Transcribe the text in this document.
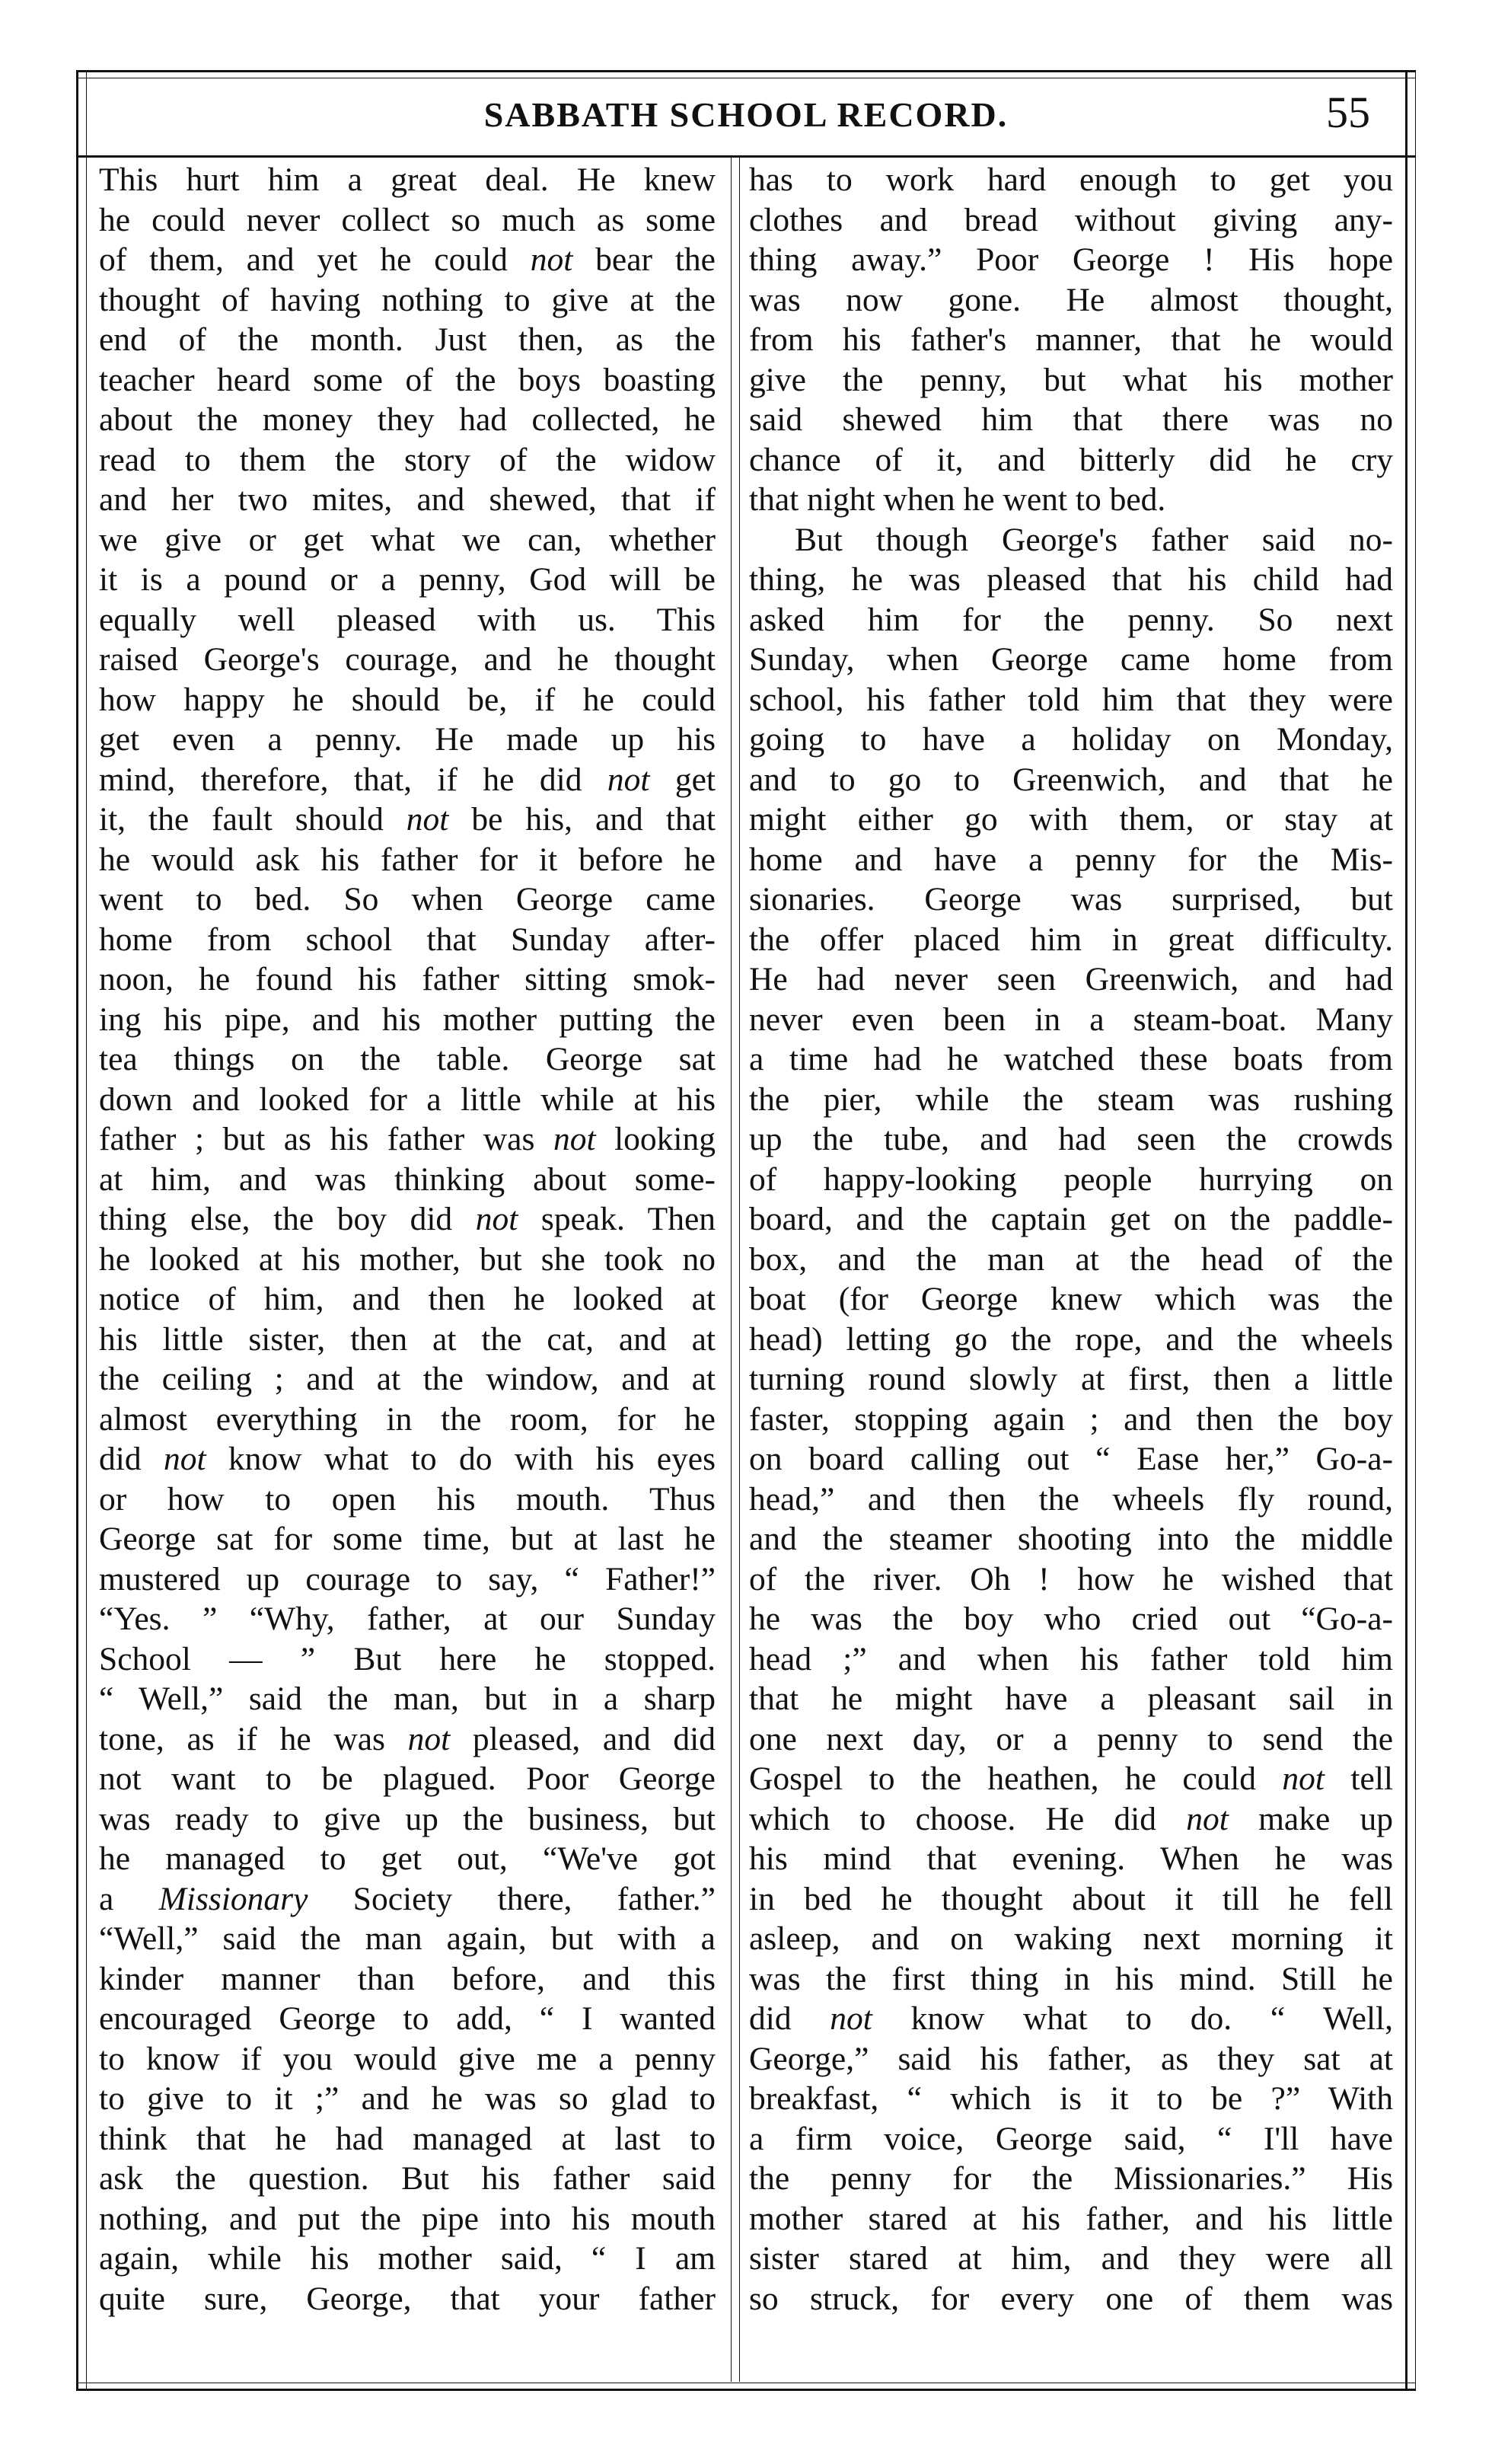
SABBATH SCHOOL RECORD.	55
This hurt him a great deal. He knew
he could never collect so much as some
of them, and yet he could not bear the
thought of having nothing to give at the
end of the month. Just then, as the
teacher heard some of the boys boasting
about the money they had collected, he
read to them the story of the widow
and her two mites, and shewed, that if
we give or get what we can, whether
it is a pound or a penny, God will be
equally well pleased with us. This
raised George's courage, and he thought
how happy he should be, if he could
get even a penny. He made up his
mind, therefore, that, if he did not get
it, the fault should not be his, and that
he would ask his father for it before he
went to bed. So when George came
home from school that Sunday after-
noon, he found his father sitting smok-
ing his pipe, and his mother putting the
tea things on the table. George sat
down and looked for a little while at his
father ; but as his father was not looking
at him, and was thinking about some-
thing else, the boy did not speak. Then
he looked at his mother, but she took no
notice of him, and then he looked at
his little sister, then at the cat, and at
the ceiling ; and at the window, and at
almost everything in the room, for he
did not know what to do with his eyes
or how to open his mouth. Thus
George sat for some time, but at last he
mustered up courage to say, “ Father!”
“Yes. ” “Why, father, at our Sunday
School — ” But here he stopped.
“ Well,” said the man, but in a sharp
tone, as if he was not pleased, and did
not want to be plagued. Poor George
was ready to give up the business, but
he managed to get out, “We've got
a Missionary Society there, father.”
“Well,” said the man again, but with a
kinder manner than before, and this
encouraged George to add, “ I wanted
to know if you would give me a penny
to give to it ;” and he was so glad to
think that he had managed at last to
ask the question. But his father said
nothing, and put the pipe into his mouth
again, while his mother said, “ I am
quite sure, George, that your father
has to work hard enough to get you
clothes and bread without giving any-
thing away.” Poor George ! His hope
was now gone. He almost thought,
from his father's manner, that he would
give the penny, but what his mother
said shewed him that there was no
chance of it, and bitterly did he cry
that night when he went to bed.
But though George's father said no-
thing, he was pleased that his child had
asked him for the penny. So next
Sunday, when George came home from
school, his father told him that they were
going to have a holiday on Monday,
and to go to Greenwich, and that he
might either go with them, or stay at
home and have a penny for the Mis-
sionaries. George was surprised, but
the offer placed him in great difficulty.
He had never seen Greenwich, and had
never even been in a steam-boat. Many
a time had he watched these boats from
the pier, while the steam was rushing
up the tube, and had seen the crowds
of happy-looking people hurrying on
board, and the captain get on the paddle-
box, and the man at the head of the
boat (for George knew which was the
head) letting go the rope, and the wheels
turning round slowly at first, then a little
faster, stopping again ; and then the boy
on board calling out “ Ease her,” Go-a-
head,” and then the wheels fly round,
and the steamer shooting into the middle
of the river. Oh ! how he wished that
he was the boy who cried out “Go-a-
head ;” and when his father told him
that he might have a pleasant sail in
one next day, or a penny to send the
Gospel to the heathen, he could not tell
which to choose. He did not make up
his mind that evening. When he was
in bed he thought about it till he fell
asleep, and on waking next morning it
was the first thing in his mind. Still he
did not know what to do. “ Well,
George,” said his father, as they sat at
breakfast, “ which is it to be ?” With
a firm voice, George said, “ I'll have
the penny for the Missionaries.” His
mother stared at his father, and his little
sister stared at him, and they were all
so struck, for every one of them was
